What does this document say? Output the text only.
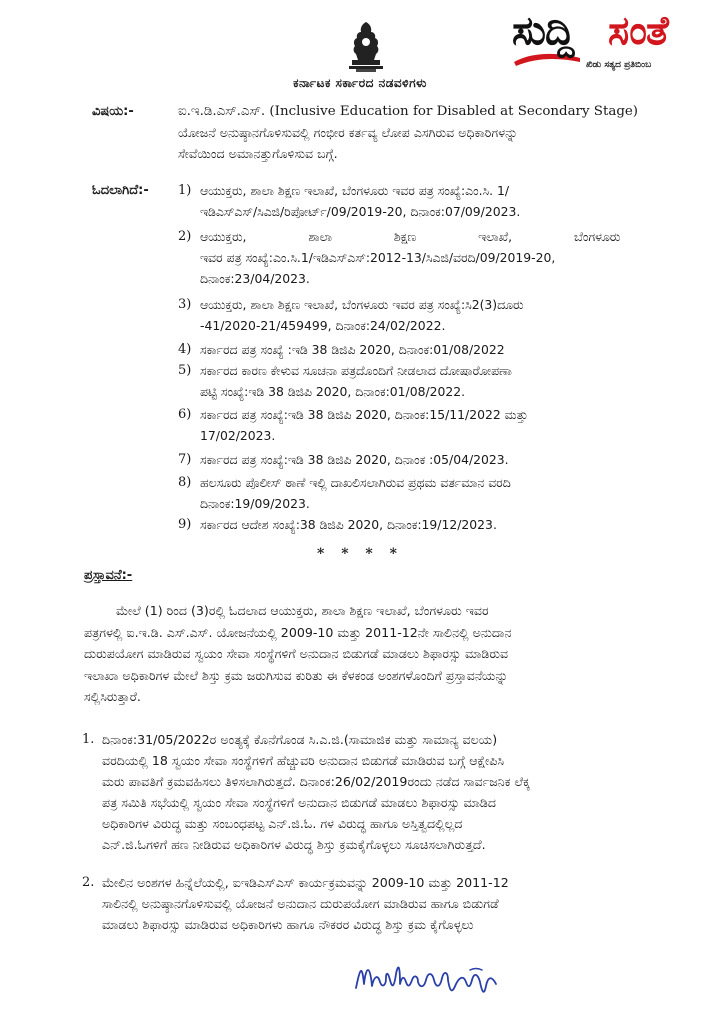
ಕರ್ನಾಟಕ ಸರ್ಕಾರದ ನಡವಳಿಗಳು
ಸುದ್ದಿ ಸಂತೆ
ಖಿಡು ಸತ್ಯದ ಪ್ರತಿಬಿಂಬ
ವಿಷಯ:-	ಐ.ಇ.ಡಿ.ಎಸ್.ಎಸ್. (Inclusive Education for Disabled at Secondary Stage)
ಯೋಜನೆ ಅನುಷ್ಠಾನಗೊಳಿಸುವಲ್ಲಿ ಗಂಭೀರ ಕರ್ತವ್ಯ ಲೋಪ ಎಸಗಿರುವ ಅಧಿಕಾರಿಗಳನ್ನು
ಸೇವೆಯಿಂದ ಅಮಾನತ್ತುಗೊಳಿಸುವ ಬಗ್ಗೆ.
ಓದಲಾಗಿದೆ:- 1) ಆಯುಕ್ತರು, ಶಾಲಾ ಶಿಕ್ಷಣ ಇಲಾಖೆ, ಬೆಂಗಳೂರು ಇವರ ಪತ್ರ ಸಂಖ್ಯೆ:ಎಂ.ಸಿ. 1/
ಇಡಿಎಸ್‌ಎಸ್/ಸಿಎಜಿ/ರಿಪೋರ್ಟ್/09/2019-20, ದಿನಾಂಕ:07/09/2023.
2) ಆಯುಕ್ತರು, ಶಾಲಾ ಶಿಕ್ಷಣ ಇಲಾಖೆ, ಬೆಂಗಳೂರು
ಇವರ ಪತ್ರ ಸಂಖ್ಯೆ:ಎಂ.ಸಿ.1/ಇಡಿಎಸ್‌ಎಸ್:2012-13/ಸಿಎಜಿ/ವರದಿ/09/2019-20,
ದಿನಾಂಕ:23/04/2023.
3) ಆಯುಕ್ತರು, ಶಾಲಾ ಶಿಕ್ಷಣ ಇಲಾಖೆ, ಬೆಂಗಳೂರು ಇವರ ಪತ್ರ ಸಂಖ್ಯೆ:ಸಿ2(3)ದೂರು
-41/2020-21/459499, ದಿನಾಂಕ:24/02/2022.
4) ಸರ್ಕಾರದ ಪತ್ರ ಸಂಖ್ಯೆ :ಇಡಿ 38 ಡಿಜಿಪಿ 2020, ದಿನಾಂಕ:01/08/2022
5) ಸರ್ಕಾರದ ಕಾರಣ ಕೇಳುವ ಸೂಚನಾ ಪತ್ರದೊಂದಿಗೆ ನೀಡಲಾದ ದೋಷಾರೋಪಣಾ
ಪಟ್ಟಿ ಸಂಖ್ಯೆ:ಇಡಿ 38 ಡಿಜಿಪಿ 2020, ದಿನಾಂಕ:01/08/2022.
6) ಸರ್ಕಾರದ ಪತ್ರ ಸಂಖ್ಯೆ:ಇಡಿ 38 ಡಿಜಿಪಿ 2020, ದಿನಾಂಕ:15/11/2022 ಮತ್ತು
17/02/2023.
7) ಸರ್ಕಾರದ ಪತ್ರ ಸಂಖ್ಯೆ:ಇಡಿ 38 ಡಿಜಿಪಿ 2020, ದಿನಾಂಕ :05/04/2023.
8) ಹಲಸೂರು ಪೊಲೀಸ್ ಠಾಣೆ ಇಲ್ಲಿ ದಾಖಲಿಸಲಾಗಿರುವ ಪ್ರಥಮ ವರ್ತಮಾನ ವರದಿ
ದಿನಾಂಕ:19/09/2023.
9) ಸರ್ಕಾರದ ಆದೇಶ ಸಂಖ್ಯೆ:38 ಡಿಜಿಪಿ 2020, ದಿನಾಂಕ:19/12/2023.
* * * *
ಪ್ರಸ್ತಾವನೆ:-
ಮೇಲೆ (1) ರಿಂದ (3)ರಲ್ಲಿ ಓದಲಾದ ಆಯುಕ್ತರು, ಶಾಲಾ ಶಿಕ್ಷಣ ಇಲಾಖೆ, ಬೆಂಗಳೂರು ಇವರ
ಪತ್ರಗಳಲ್ಲಿ ಐ.ಇ.ಡಿ. ಎಸ್.ಎಸ್. ಯೋಜನೆಯಲ್ಲಿ 2009-10 ಮತ್ತು 2011-12ನೇ ಸಾಲಿನಲ್ಲಿ ಅನುದಾನ
ದುರುಪಯೋಗ ಮಾಡಿರುವ ಸ್ವಯಂ ಸೇವಾ ಸಂಸ್ಥೆಗಳಿಗೆ ಅನುದಾನ ಬಿಡುಗಡೆ ಮಾಡಲು ಶಿಫಾರಸ್ಸು ಮಾಡಿರುವ
ಇಲಾಖಾ ಅಧಿಕಾರಿಗಳ ಮೇಲೆ ಶಿಸ್ತು ಕ್ರಮ ಜರುಗಿಸುವ ಕುರಿತು ಈ ಕೆಳಕಂಡ ಅಂಶಗಳೊಂದಿಗೆ ಪ್ರಸ್ತಾವನೆಯನ್ನು
ಸಲ್ಲಿಸಿರುತ್ತಾರೆ.
1. ದಿನಾಂಕ:31/05/2022ರ ಅಂತ್ಯಕ್ಕೆ ಕೊನೆಗೊಂಡ ಸಿ.ಎ.ಜಿ.(ಸಾಮಾಜಿಕ ಮತ್ತು ಸಾಮಾನ್ಯ ವಲಯ)
ವರದಿಯಲ್ಲಿ 18 ಸ್ವಯಂ ಸೇವಾ ಸಂಸ್ಥೆಗಳಿಗೆ ಹೆಚ್ಚುವರಿ ಅನುದಾನ ಬಿಡುಗಡೆ ಮಾಡಿರುವ ಬಗ್ಗೆ ಆಕ್ಷೇಪಿಸಿ
ಮರು ಪಾವತಿಗೆ ಕ್ರಮವಹಿಸಲು ತಿಳಿಸಲಾಗಿರುತ್ತದೆ. ದಿನಾಂಕ:26/02/2019ರಂದು ನಡೆದ ಸಾರ್ವಜನಿಕ ಲೆಕ್ಕ
ಪತ್ರ ಸಮಿತಿ ಸಭೆಯಲ್ಲಿ ಸ್ವಯಂ ಸೇವಾ ಸಂಸ್ಥೆಗಳಿಗೆ ಅನುದಾನ ಬಿಡುಗಡೆ ಮಾಡಲು ಶಿಫಾರಸ್ಸು ಮಾಡಿದ
ಅಧಿಕಾರಿಗಳ ವಿರುದ್ಧ ಮತ್ತು ಸಂಬಂಧಪಟ್ಟ ಎನ್.ಜಿ.ಓ. ಗಳ ವಿರುದ್ಧ ಹಾಗೂ ಅಸ್ತಿತ್ವದಲ್ಲಿಲ್ಲದ
ಎನ್.ಜಿ.ಓಗಳಿಗೆ ಹಣ ನೀಡಿರುವ ಅಧಿಕಾರಿಗಳ ವಿರುದ್ಧ ಶಿಸ್ತು ಕ್ರಮಕೈಗೊಳ್ಳಲು ಸೂಚಿಸಲಾಗಿರುತ್ತದೆ.
2. ಮೇಲಿನ ಅಂಶಗಳ ಹಿನ್ನೆಲೆಯಲ್ಲಿ, ಐಇಡಿಎಸ್‌ಎಸ್ ಕಾರ್ಯಕ್ರಮವನ್ನು 2009-10 ಮತ್ತು 2011-12
ಸಾಲಿನಲ್ಲಿ ಅನುಷ್ಠಾನಗೊಳಿಸುವಲ್ಲಿ ಯೋಜನೆ ಅನುದಾನ ದುರುಪಯೋಗ ಮಾಡಿರುವ ಹಾಗೂ ಬಿಡುಗಡೆ
ಮಾಡಲು ಶಿಫಾರಸ್ಸು ಮಾಡಿರುವ ಅಧಿಕಾರಿಗಳು ಹಾಗೂ ನೌಕರರ ವಿರುದ್ಧ ಶಿಸ್ತು ಕ್ರಮ ಕೈಗೊಳ್ಳಲು
